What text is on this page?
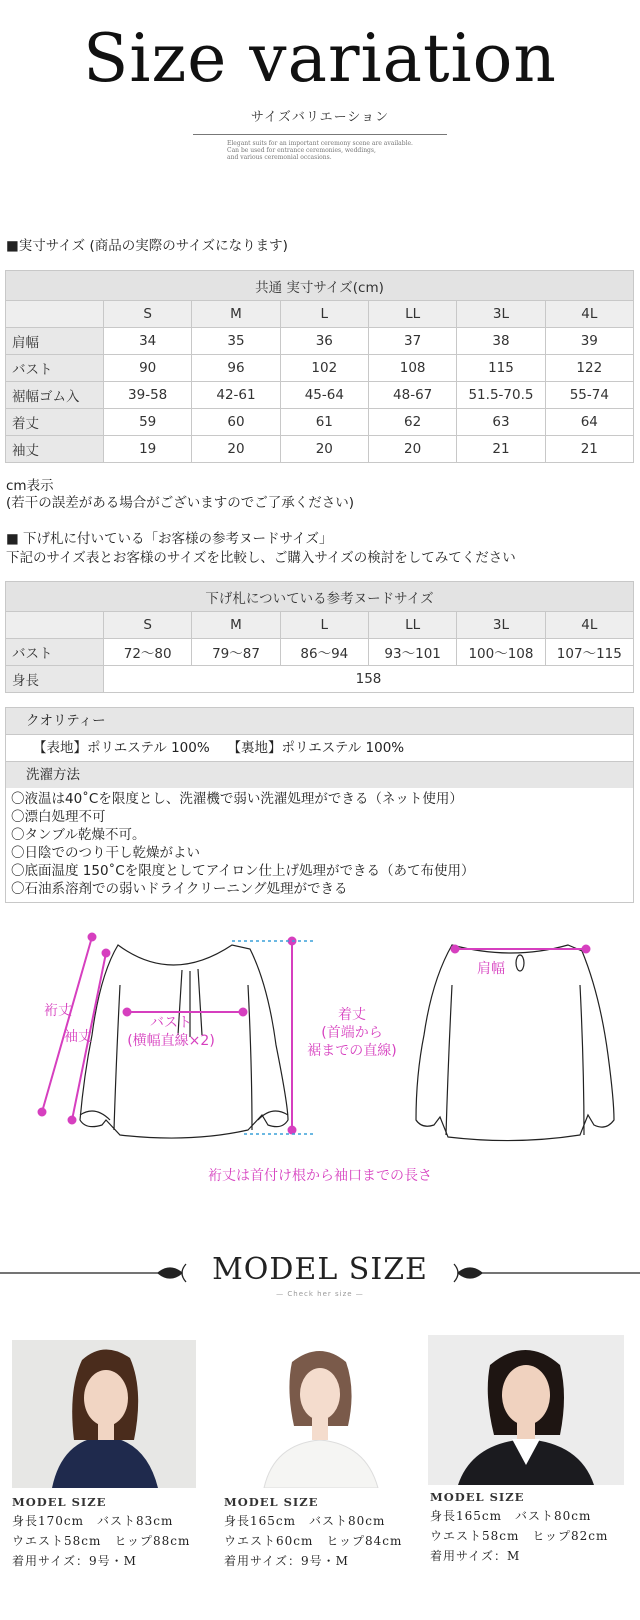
Size variation
サイズバリエーション
Elegant suits for an important ceremony scene are available.
Can be used for entrance ceremonies, weddings,
and various ceremonial occasions.
■実寸サイズ (商品の実際のサイズになります)
共通 実寸サイズ(cm)						
	S	M	L	LL	3L	4L
肩幅	34	35	36	37	38	39
バスト	90	96	102	108	115	122
裾幅ゴム入	39-58	42-61	45-64	48-67	51.5-70.5	55-74
着丈	59	60	61	62	63	64
袖丈	19	20	20	20	21	21
cm表示
(若干の誤差がある場合がございますのでご了承ください)
■ 下げ札に付いている「お客様の参考ヌードサイズ」
下記のサイズ表とお客様のサイズを比較し、ご購入サイズの検討をしてみてください
下げ札についている参考ヌードサイズ						
	S	M	L	LL	3L	4L
バスト	72〜80	79〜87	86〜94	93〜101	100〜108	107〜115
身長	158					
クオリティー
【表地】ポリエステル 100%　 【裏地】ポリエステル 100%
洗濯方法
〇液温は40˚Cを限度とし、洗濯機で弱い洗濯処理ができる（ネット使用）
〇漂白処理不可
〇タンブル乾燥不可。
〇日陰でのつり干し乾燥がよい
〇底面温度 150˚Cを限度としてアイロン仕上げ処理ができる（あて布使用）
〇石油系溶剤での弱いドライクリーニング処理ができる
裄丈
袖丈
バスト
(横幅直線×2)
着丈
(首端から
裾までの直線)
肩幅
裄丈は首付け根から袖口までの長さ
MODEL SIZE
— Check her size —
MODEL SIZE
身長170cm　バスト83cm
ウエスト58cm　ヒップ88cm
着用サイズ：9号・M
MODEL SIZE
身長165cm　バスト80cm
ウエスト60cm　ヒップ84cm
着用サイズ：9号・M
MODEL SIZE
身長165cm　バスト80cm
ウエスト58cm　ヒップ82cm
着用サイズ：M
